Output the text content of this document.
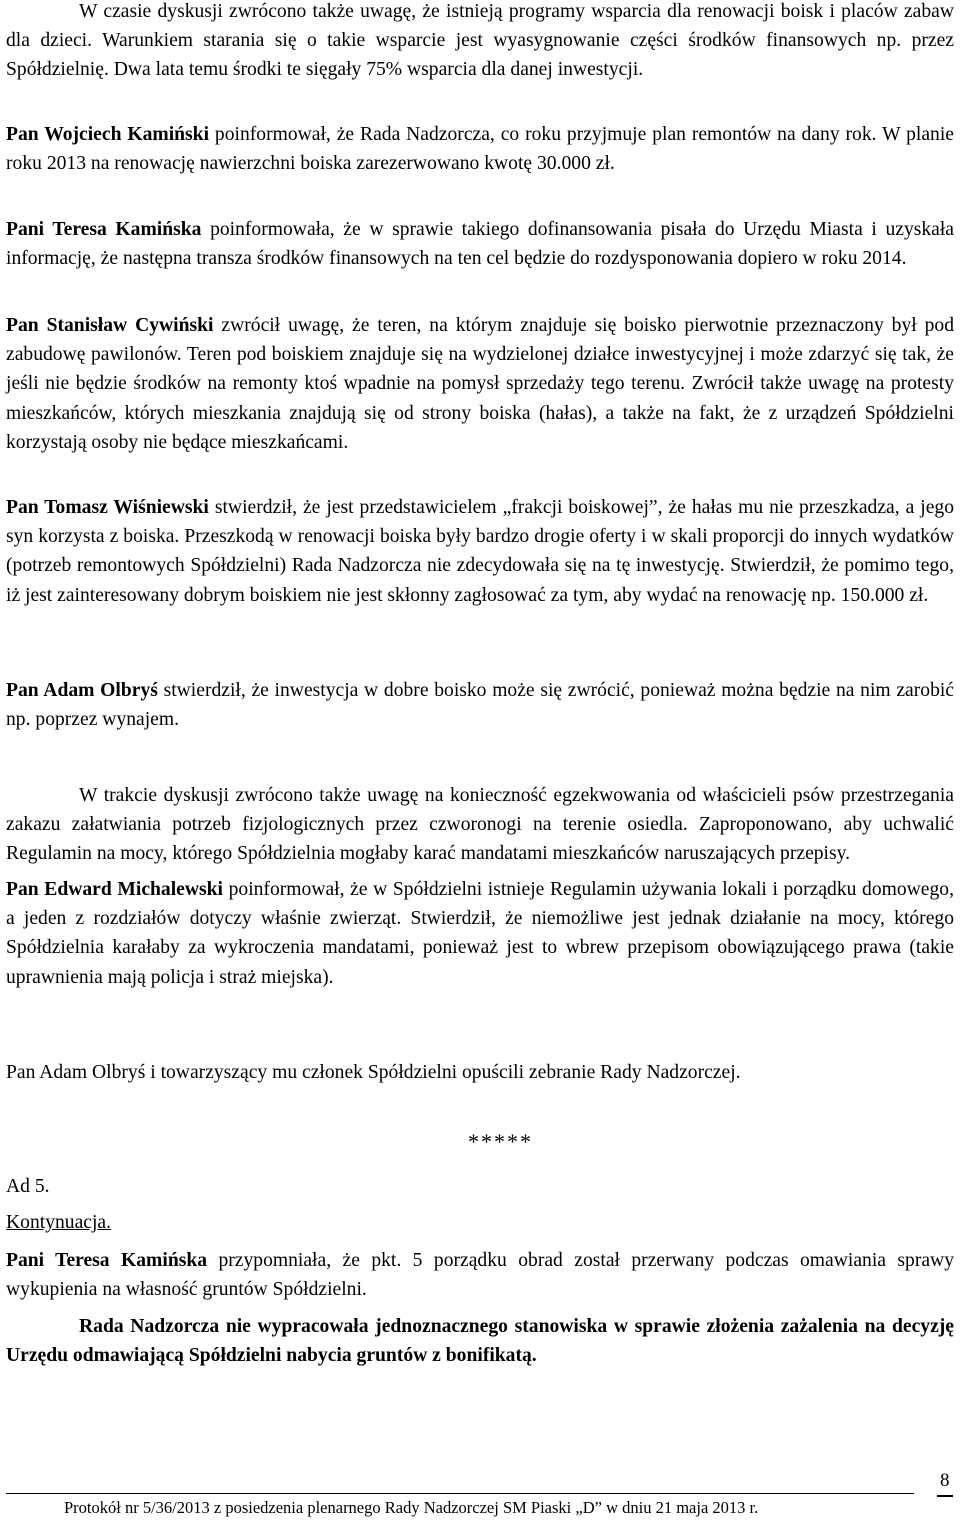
W czasie dyskusji zwrócono także uwagę, że istnieją programy wsparcia dla renowacji boisk i placów zabaw dla dzieci. Warunkiem starania się o takie wsparcie jest wyasygnowanie części środków finansowych np. przez Spółdzielnię. Dwa lata temu środki te sięgały 75% wsparcia dla danej inwestycji.

Pan Wojciech Kamiński poinformował, że Rada Nadzorcza, co roku przyjmuje plan remontów na dany rok. W planie roku 2013 na renowację nawierzchni boiska zarezerwowano kwotę 30.000 zł.

Pani Teresa Kamińska poinformowała, że w sprawie takiego dofinansowania pisała do Urzędu Miasta i uzyskała informację, że następna transza środków finansowych na ten cel będzie do rozdysponowania dopiero w roku 2014.

Pan Stanisław Cywiński zwrócił uwagę, że teren, na którym znajduje się boisko pierwotnie przeznaczony był pod zabudowę pawilonów. Teren pod boiskiem znajduje się na wydzielonej działce inwestycyjnej i może zdarzyć się tak, że jeśli nie będzie środków na remonty ktoś wpadnie na pomysł sprzedaży tego terenu. Zwrócił także uwagę na protesty mieszkańców, których mieszkania znajdują się od strony boiska (hałas), a także na fakt, że z urządzeń Spółdzielni korzystają osoby nie będące mieszkańcami.

Pan Tomasz Wiśniewski stwierdził, że jest przedstawicielem „frakcji boiskowej”, że hałas mu nie przeszkadza, a jego syn korzysta z boiska. Przeszkodą w renowacji boiska były bardzo drogie oferty i w skali proporcji do innych wydatków (potrzeb remontowych Spółdzielni) Rada Nadzorcza nie zdecydowała się na tę inwestycję. Stwierdził, że pomimo tego, iż jest zainteresowany dobrym boiskiem nie jest skłonny zagłosować za tym, aby wydać na renowację np. 150.000 zł.

Pan Adam Olbryś stwierdził, że inwestycja w dobre boisko może się zwrócić, ponieważ można będzie na nim zarobić np. poprzez wynajem.

W trakcie dyskusji zwrócono także uwagę na konieczność egzekwowania od właścicieli psów przestrzegania zakazu załatwiania potrzeb fizjologicznych przez czworonogi na terenie osiedla. Zaproponowano, aby uchwalić Regulamin na mocy, którego Spółdzielnia mogłaby karać mandatami mieszkańców naruszających przepisy.

Pan Edward Michalewski poinformował, że w Spółdzielni istnieje Regulamin używania lokali i porządku domowego, a jeden z rozdziałów dotyczy właśnie zwierząt. Stwierdził, że niemożliwe jest jednak działanie na mocy, którego Spółdzielnia karałaby za wykroczenia mandatami, ponieważ jest to wbrew przepisom obowiązującego prawa (takie uprawnienia mają policja i straż miejska).

Pan Adam Olbryś i towarzyszący mu członek Spółdzielni opuścili zebranie Rady Nadzorczej.

Ad 5.

Kontynuacja.

Pani Teresa Kamińska przypomniała, że pkt. 5 porządku obrad został przerwany podczas omawiania sprawy wykupienia na własność gruntów Spółdzielni.

Rada Nadzorcza nie wypracowała jednoznacznego stanowiska w sprawie złożenia zażalenia na decyzję Urzędu odmawiającą Spółdzielni nabycia gruntów z bonifikatą.

*****
Protokół nr 5/36/2013 z posiedzenia plenarnego Rady Nadzorczej SM Piaski „D” w dniu 21 maja 2013 r.
8
